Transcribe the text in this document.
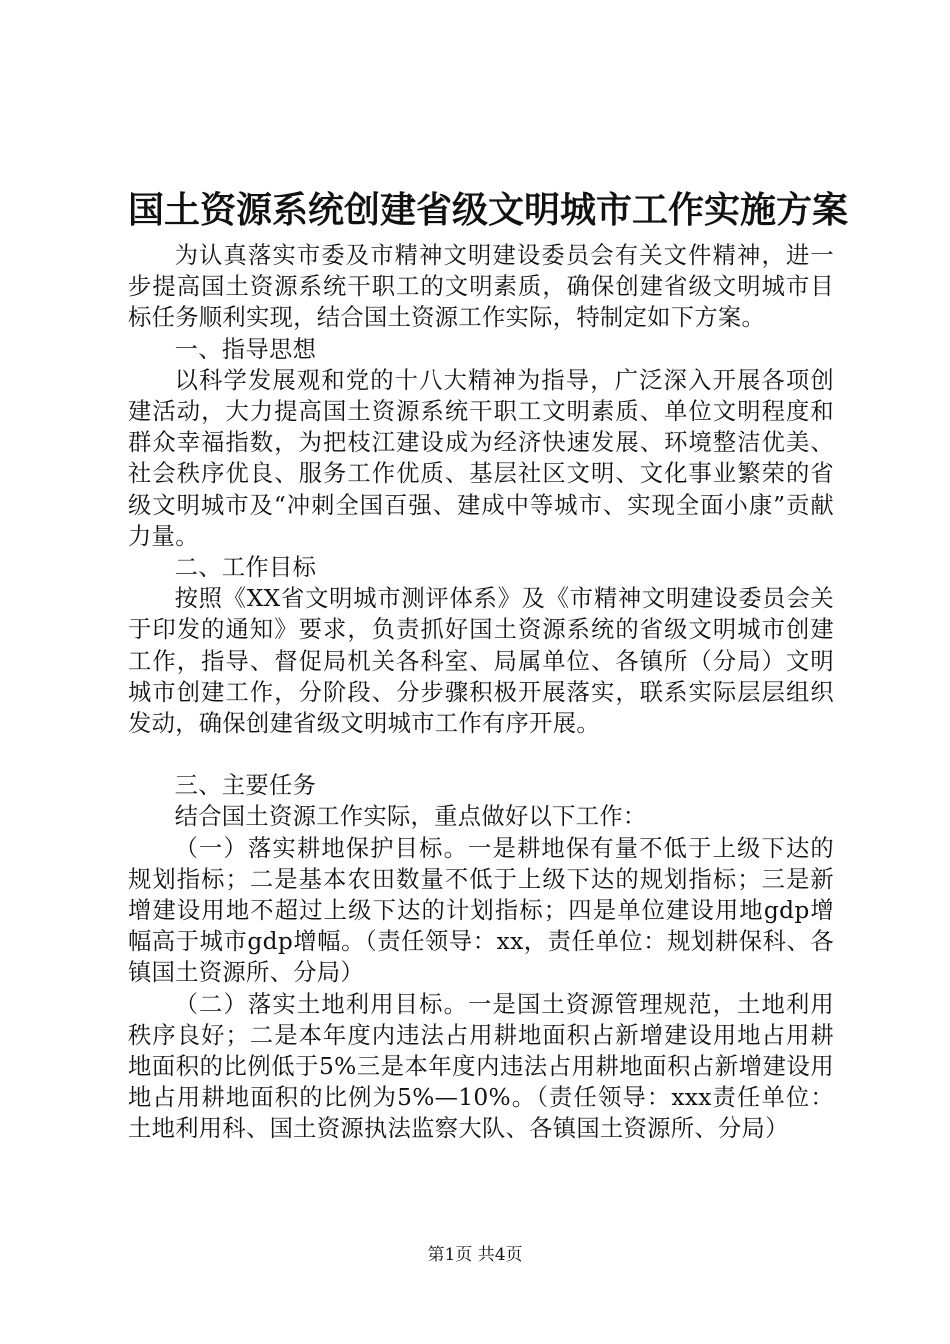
国土资源系统创建省级文明城市工作实施方案

为认真落实市委及市精神文明建设委员会有关文件精神，进一步提高国土资源系统干职工的文明素质，确保创建省级文明城市目标任务顺利实现，结合国土资源工作实际，特制定如下方案。

一、指导思想

以科学发展观和党的十八大精神为指导，广泛深入开展各项创建活动，大力提高国土资源系统干职工文明素质、单位文明程度和群众幸福指数，为把枝江建设成为经济快速发展、环境整洁优美、社会秩序优良、服务工作优质、基层社区文明、文化事业繁荣的省级文明城市及“冲刺全国百强、建成中等城市、实现全面小康”贡献力量。

二、工作目标

按照《XX省文明城市测评体系》及《市精神文明建设委员会关于印发的通知》要求，负责抓好国土资源系统的省级文明城市创建工作，指导、督促局机关各科室、局属单位、各镇所（分局）文明城市创建工作，分阶段、分步骤积极开展落实，联系实际层层组织发动，确保创建省级文明城市工作有序开展。

三、主要任务

结合国土资源工作实际，重点做好以下工作：

（一）落实耕地保护目标。一是耕地保有量不低于上级下达的规划指标；二是基本农田数量不低于上级下达的规划指标；三是新增建设用地不超过上级下达的计划指标；四是单位建设用地gdp增幅高于城市gdp增幅。（责任领导：xx，责任单位：规划耕保科、各镇国土资源所、分局）

（二）落实土地利用目标。一是国土资源管理规范，土地利用秩序良好；二是本年度内违法占用耕地面积占新增建设用地占用耕地面积的比例低于5%三是本年度内违法占用耕地面积占新增建设用地占用耕地面积的比例为5%—10%。（责任领导：xxx责任单位：土地利用科、国土资源执法监察大队、各镇国土资源所、分局）

第1页 共4页
